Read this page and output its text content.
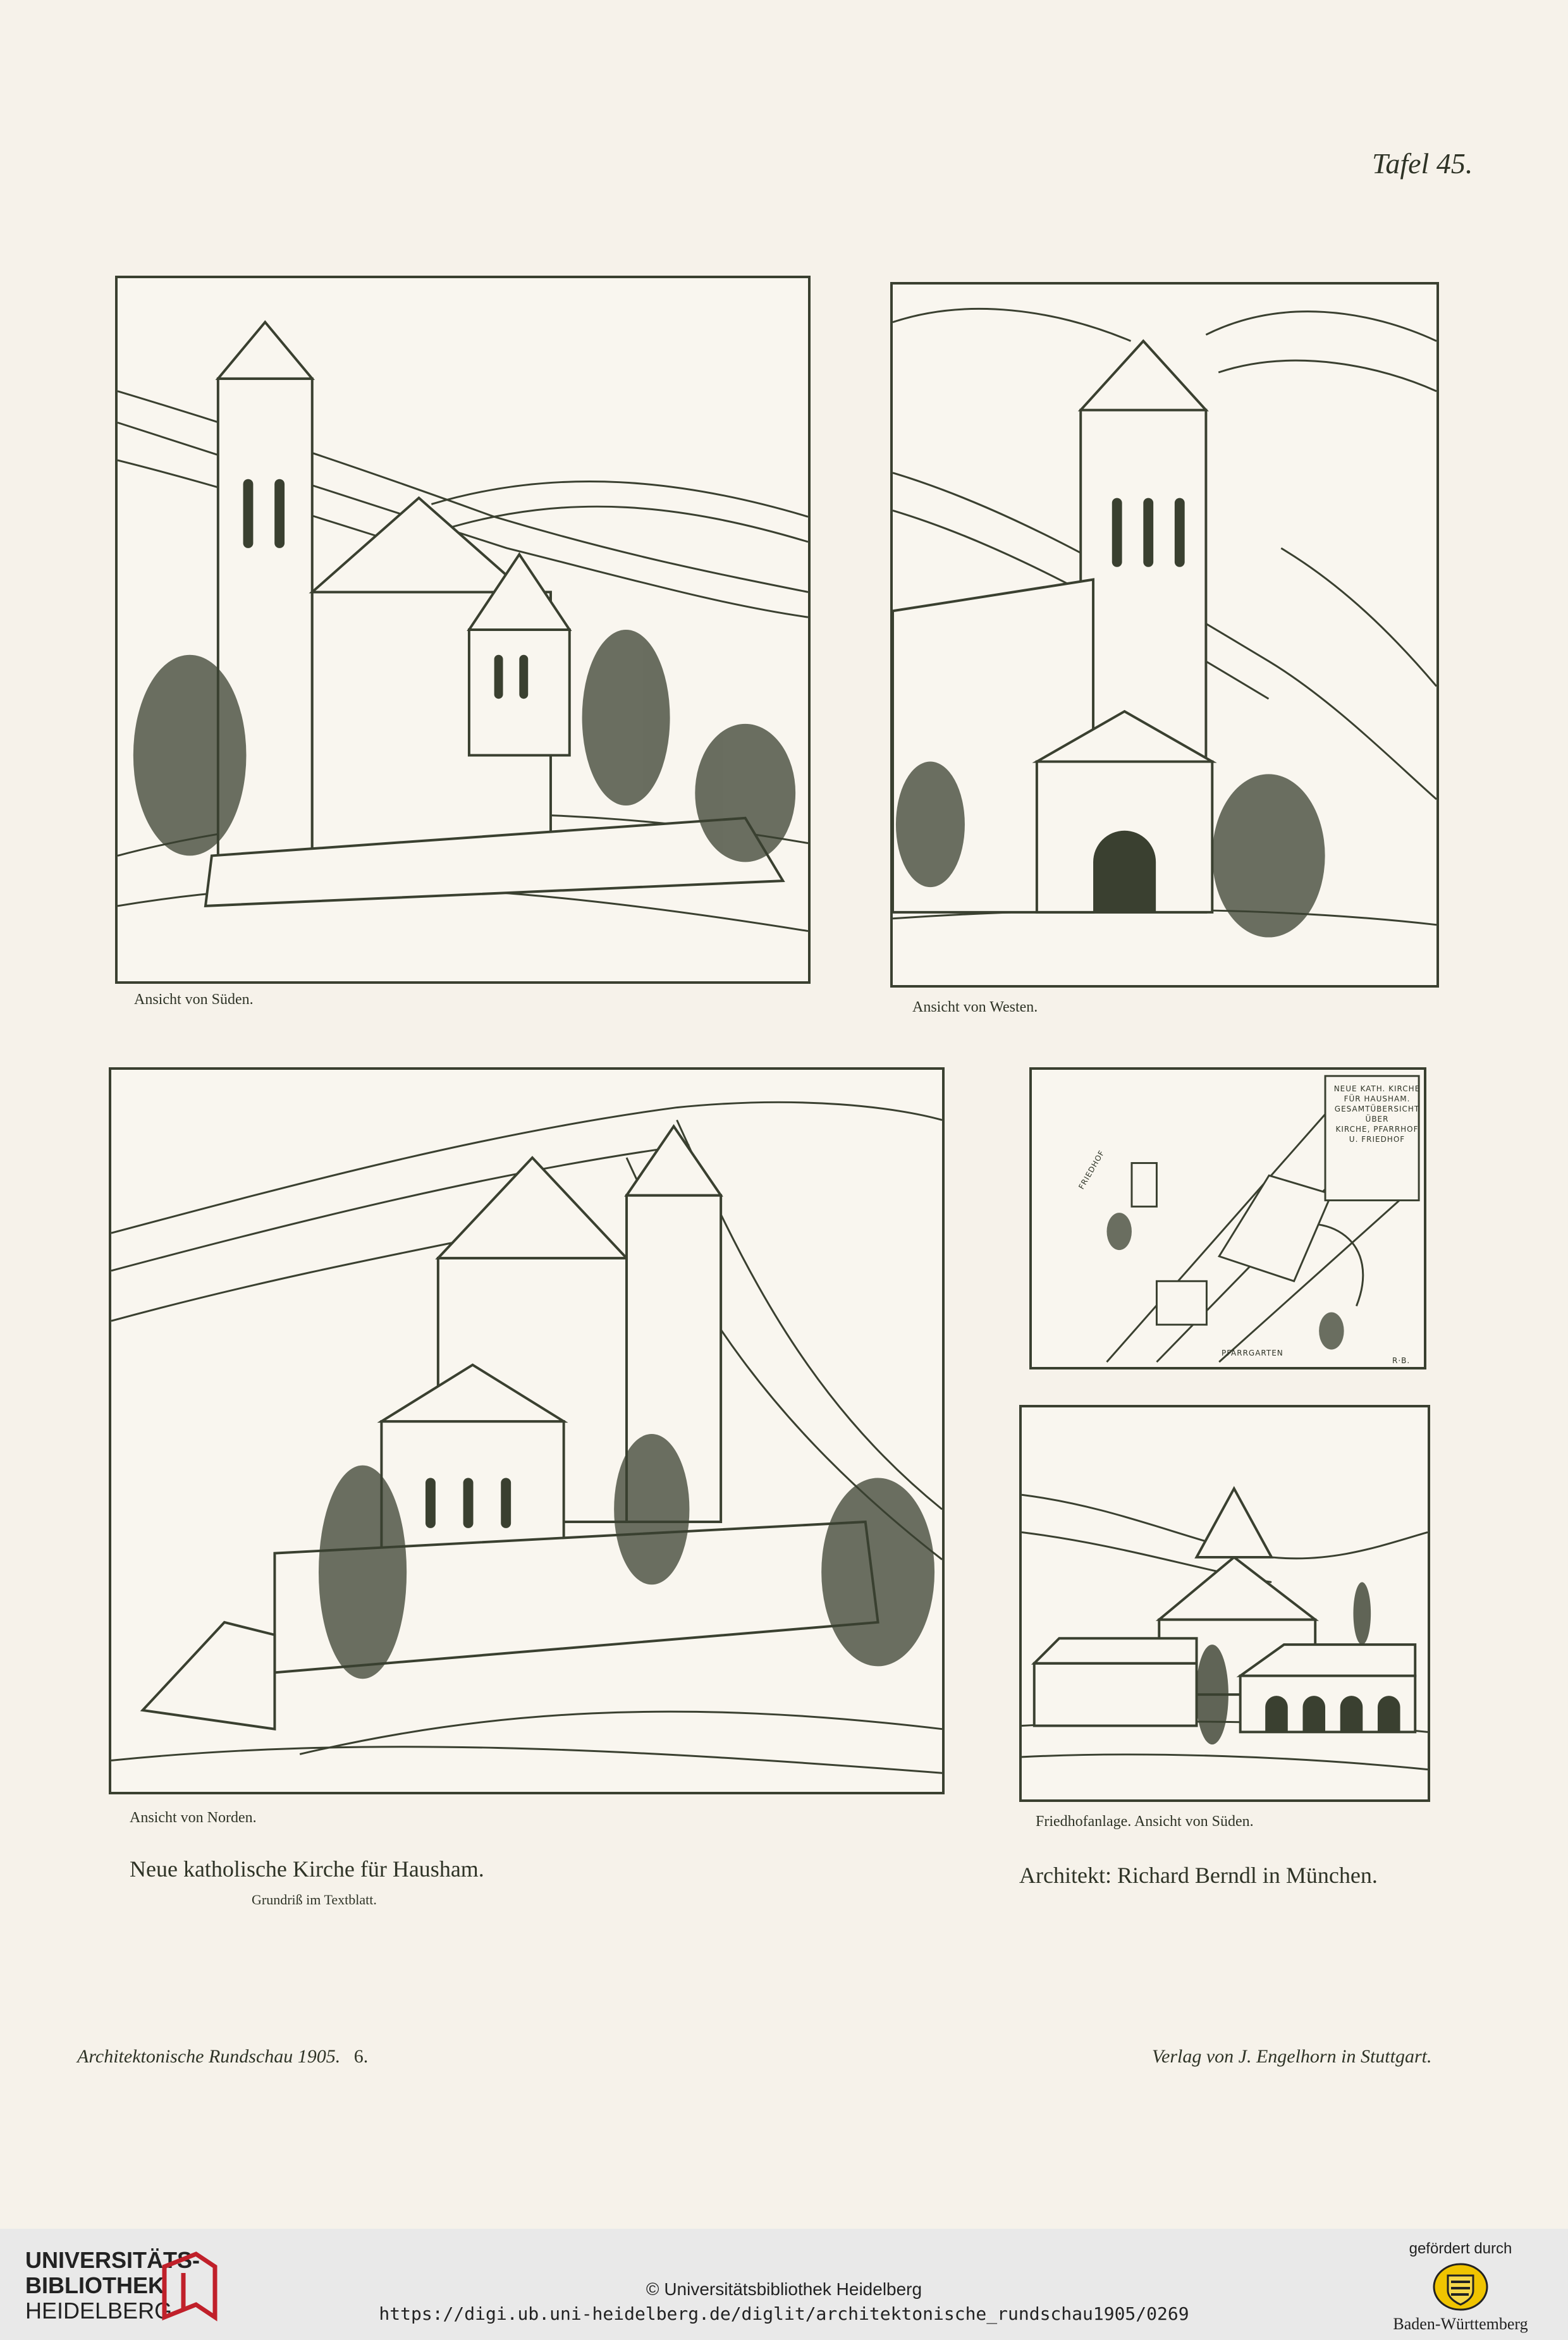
Tafel 45.
Ansicht von Süden.	Ansicht von Westen.
Ansicht von Norden.
NEUE KATH. KIRCHE
FÜR HAUSHAM.
GESAMTÜBERSICHT
ÜBER
KIRCHE, PFARRHOF
U. FRIEDHOF
FRIEDHOF
PFARRGARTEN
R·B.
Friedhofanlage. Ansicht von Süden.
Neue katholische Kirche für Hausham.
Grundriß im Textblatt.
Architekt: Richard Berndl in München.
Architektonische Rundschau 1905. 6.	Verlag von J. Engelhorn in Stuttgart.
UNIVERSITÄTS-
BIBLIOTHEK
HEIDELBERG
© Universitätsbibliothek Heidelberg
https://digi.ub.uni-heidelberg.de/diglit/architektonische_rundschau1905/0269
gefördert durch
Baden-Württemberg
